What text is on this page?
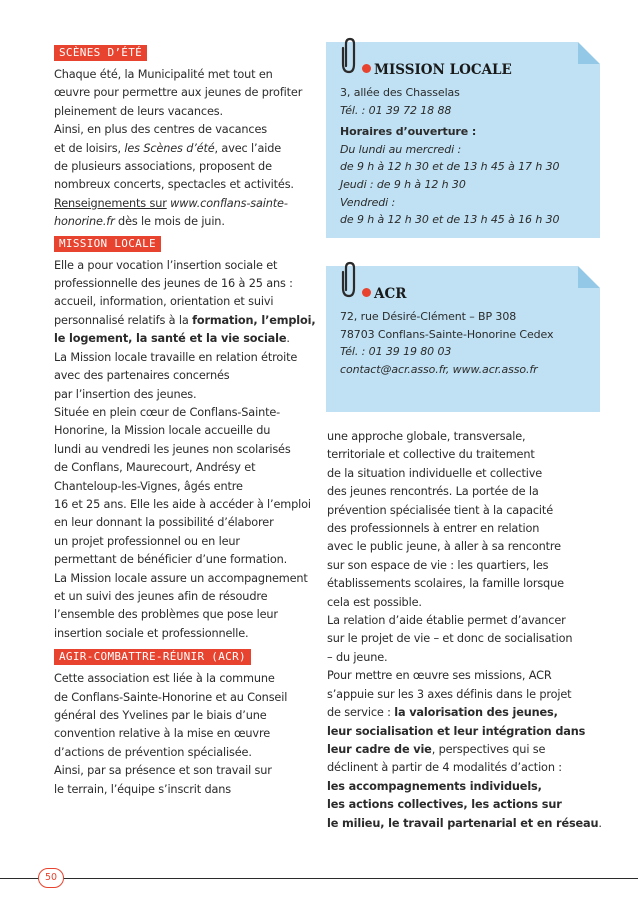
SCÈNES D’ÉTÉ
Chaque été, la Municipalité met tout en
œuvre pour permettre aux jeunes de profiter
pleinement de leurs vacances.
Ainsi, en plus des centres de vacances
et de loisirs, les Scènes d’été, avec l’aide
de plusieurs associations, proposent de
nombreux concerts, spectacles et activités.
Renseignements sur www.conflans-sainte-
honorine.fr dès le mois de juin.
MISSION LOCALE
Elle a pour vocation l’insertion sociale et
professionnelle des jeunes de 16 à 25 ans :
accueil, information, orientation et suivi
personnalisé relatifs à la formation, l’emploi,
le logement, la santé et la vie sociale.
La Mission locale travaille en relation étroite
avec des partenaires concernés
par l’insertion des jeunes.
Située en plein cœur de Conflans-Sainte-
Honorine, la Mission locale accueille du
lundi au vendredi les jeunes non scolarisés
de Conflans, Maurecourt, Andrésy et
Chanteloup-les-Vignes, âgés entre
16 et 25 ans. Elle les aide à accéder à l’emploi
en leur donnant la possibilité d’élaborer
un projet professionnel ou en leur
permettant de bénéficier d’une formation.
La Mission locale assure un accompagnement
et un suivi des jeunes afin de résoudre
l’ensemble des problèmes que pose leur
insertion sociale et professionnelle.
AGIR-COMBATTRE-RÉUNIR (ACR)
Cette association est liée à la commune
de Conflans-Sainte-Honorine et au Conseil
général des Yvelines par le biais d’une
convention relative à la mise en œuvre
d’actions de prévention spécialisée.
Ainsi, par sa présence et son travail sur
le terrain, l’équipe s’inscrit dans
MISSION LOCALE
3, allée des Chasselas
Tél. : 01 39 72 18 88
Horaires d’ouverture :
Du lundi au mercredi :
de 9 h à 12 h 30 et de 13 h 45 à 17 h 30
Jeudi : de 9 h à 12 h 30
Vendredi :
de 9 h à 12 h 30 et de 13 h 45 à 16 h 30
ACR
72, rue Désiré-Clément – BP 308
78703 Conflans-Sainte-Honorine Cedex
Tél. : 01 39 19 80 03
contact@acr.asso.fr, www.acr.asso.fr
une approche globale, transversale,
territoriale et collective du traitement
de la situation individuelle et collective
des jeunes rencontrés. La portée de la
prévention spécialisée tient à la capacité
des professionnels à entrer en relation
avec le public jeune, à aller à sa rencontre
sur son espace de vie : les quartiers, les
établissements scolaires, la famille lorsque
cela est possible.
La relation d’aide établie permet d’avancer
sur le projet de vie – et donc de socialisation
– du jeune.
Pour mettre en œuvre ses missions, ACR
s’appuie sur les 3 axes définis dans le projet
de service : la valorisation des jeunes,
leur socialisation et leur intégration dans
leur cadre de vie, perspectives qui se
déclinent à partir de 4 modalités d’action :
les accompagnements individuels,
les actions collectives, les actions sur
le milieu, le travail partenarial et en réseau.
50
